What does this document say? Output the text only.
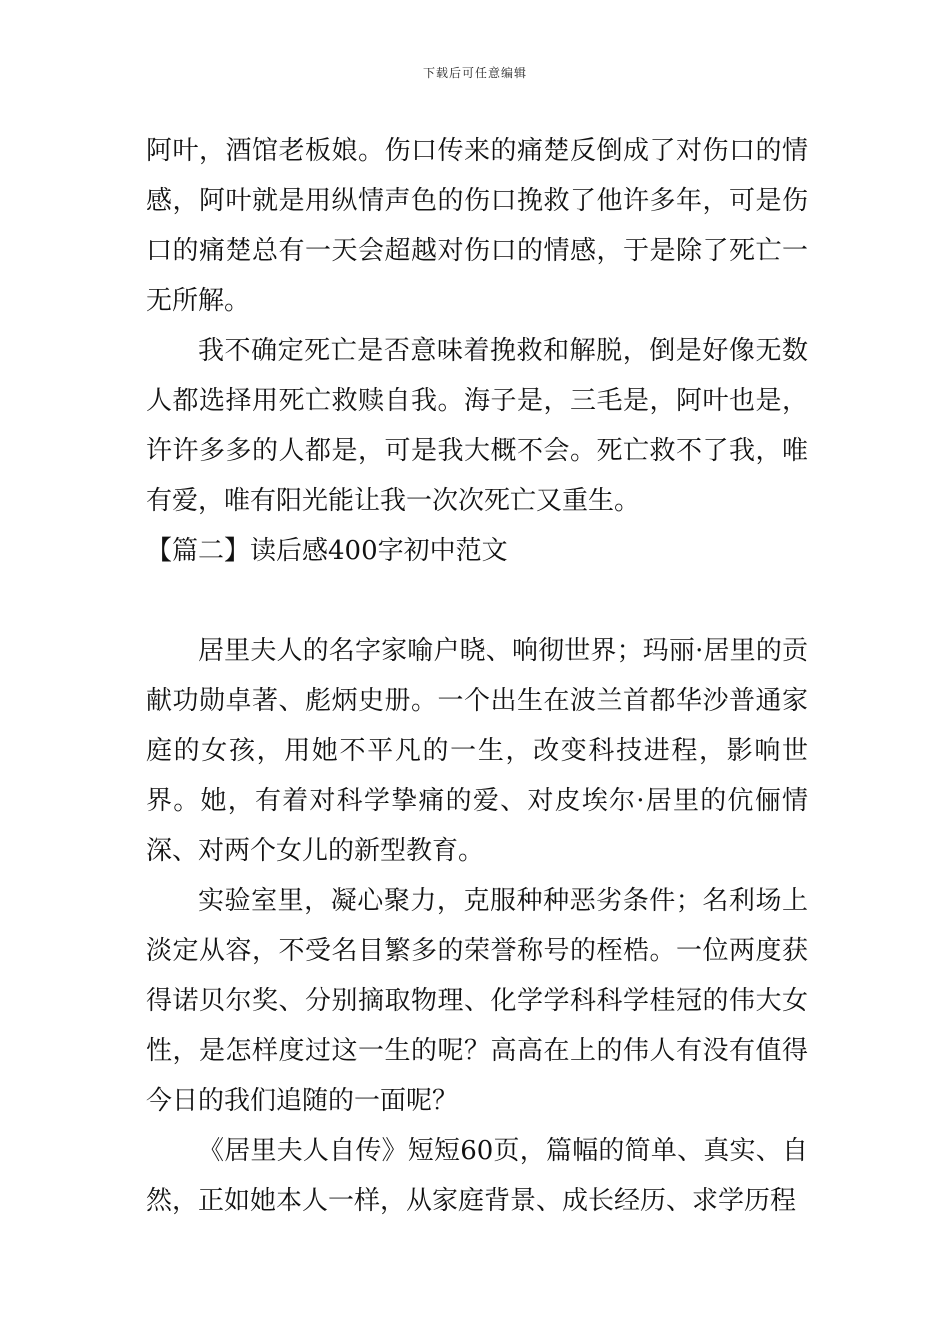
下载后可任意编辑

阿叶，酒馆老板娘。伤口传来的痛楚反倒成了对伤口的情感，阿叶就是用纵情声色的伤口挽救了他许多年，可是伤口的痛楚总有一天会超越对伤口的情感，于是除了死亡一无所解。

我不确定死亡是否意味着挽救和解脱，倒是好像无数人都选择用死亡救赎自我。海子是，三毛是，阿叶也是，许许多多的人都是，可是我大概不会。死亡救不了我，唯有爱，唯有阳光能让我一次次死亡又重生。

【篇二】读后感400字初中范文

居里夫人的名字家喻户晓、响彻世界；玛丽·居里的贡献功勋卓著、彪炳史册。一个出生在波兰首都华沙普通家庭的女孩，用她不平凡的一生，改变科技进程，影响世界。她，有着对科学挚痛的爱、对皮埃尔·居里的伉俪情深、对两个女儿的新型教育。

实验室里，凝心聚力，克服种种恶劣条件；名利场上淡定从容，不受名目繁多的荣誉称号的桎梏。一位两度获得诺贝尔奖、分别摘取物理、化学学科科学桂冠的伟大女性，是怎样度过这一生的呢？高高在上的伟人有没有值得今日的我们追随的一面呢？

《居里夫人自传》短短60页，篇幅的简单、真实、自然，正如她本人一样，从家庭背景、成长经历、求学历程
